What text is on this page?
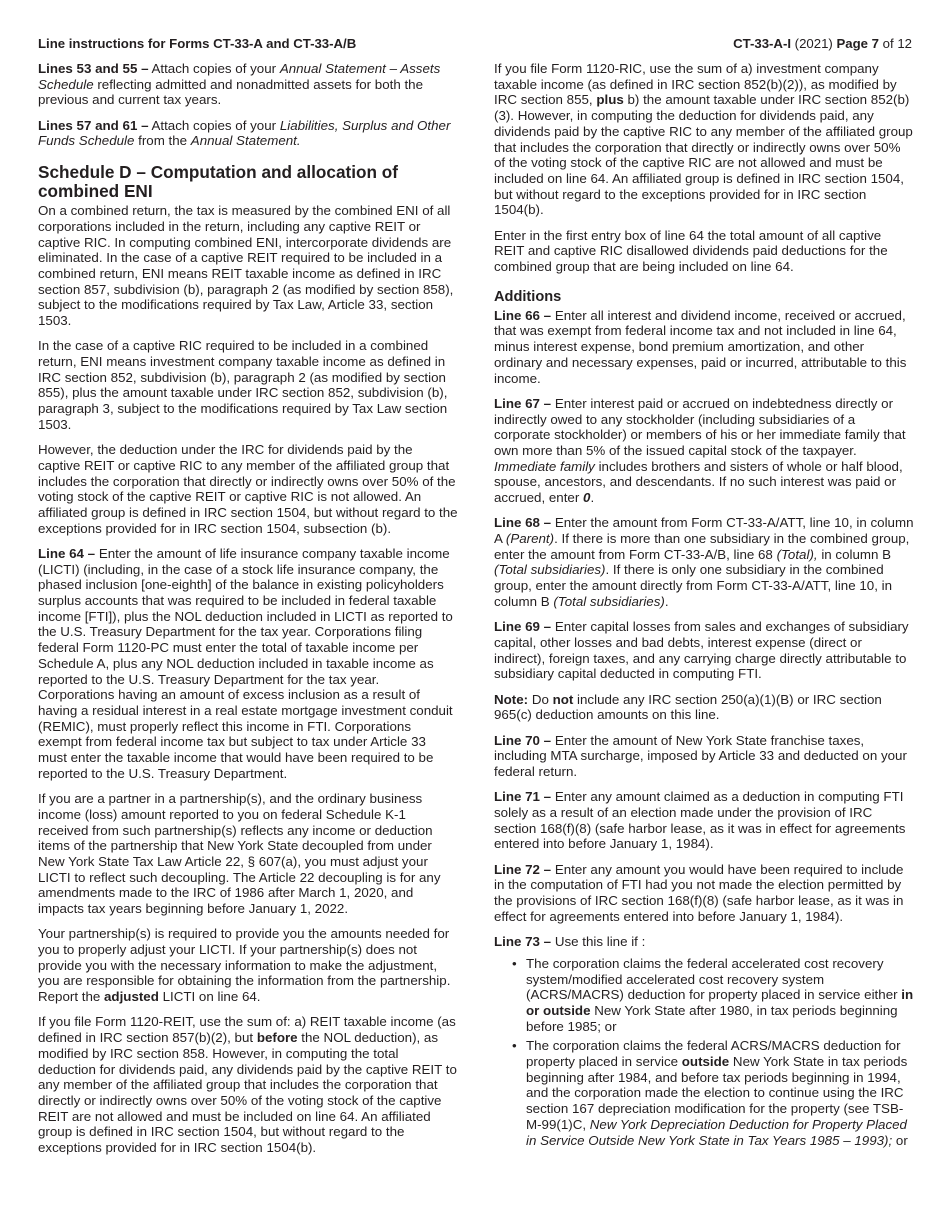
Line instructions for Forms CT-33-A and CT-33-A/B	CT-33-A-I (2021) Page 7 of 12

Lines 53 and 55 – Attach copies of your Annual Statement – Assets Schedule reflecting admitted and nonadmitted assets for both the previous and current tax years.

Lines 57 and 61 – Attach copies of your Liabilities, Surplus and Other Funds Schedule from the Annual Statement.

Schedule D – Computation and allocation of combined ENI

On a combined return, the tax is measured by the combined ENI of all corporations included in the return, including any captive REIT or captive RIC. In computing combined ENI, intercorporate dividends are eliminated. In the case of a captive REIT required to be included in a combined return, ENI means REIT taxable income as defined in IRC section 857, subdivision (b), paragraph 2 (as modified by section 858), subject to the modifications required by Tax Law, Article 33, section 1503.

In the case of a captive RIC required to be included in a combined return, ENI means investment company taxable income as defined in IRC section 852, subdivision (b), paragraph 2 (as modified by section 855), plus the amount taxable under IRC section 852, subdivision (b), paragraph 3, subject to the modifications required by Tax Law section 1503.

However, the deduction under the IRC for dividends paid by the captive REIT or captive RIC to any member of the affiliated group that includes the corporation that directly or indirectly owns over 50% of the voting stock of the captive REIT or captive RIC is not allowed. An affiliated group is defined in IRC section 1504, but without regard to the exceptions provided for in IRC section 1504, subsection (b).

Line 64 – Enter the amount of life insurance company taxable income (LICTI) (including, in the case of a stock life insurance company, the phased inclusion [one-eighth] of the balance in existing policyholders surplus accounts that was required to be included in federal taxable income [FTI]), plus the NOL deduction included in LICTI as reported to the U.S. Treasury Department for the tax year. Corporations filing federal Form 1120-PC must enter the total of taxable income per Schedule A, plus any NOL deduction included in taxable income as reported to the U.S. Treasury Department for the tax year. Corporations having an amount of excess inclusion as a result of having a residual interest in a real estate mortgage investment conduit (REMIC), must properly reflect this income in FTI. Corporations exempt from federal income tax but subject to tax under Article 33 must enter the taxable income that would have been required to be reported to the U.S. Treasury Department.

If you are a partner in a partnership(s), and the ordinary business income (loss) amount reported to you on federal Schedule K-1 received from such partnership(s) reflects any income or deduction items of the partnership that New York State decoupled from under New York State Tax Law Article 22, § 607(a), you must adjust your LICTI to reflect such decoupling. The Article 22 decoupling is for any amendments made to the IRC of 1986 after March 1, 2020, and impacts tax years beginning before January 1, 2022.

Your partnership(s) is required to provide you the amounts needed for you to properly adjust your LICTI. If your partnership(s) does not provide you with the necessary information to make the adjustment, you are responsible for obtaining the information from the partnership. Report the adjusted LICTI on line 64.

If you file Form 1120-REIT, use the sum of: a) REIT taxable income (as defined in IRC section 857(b)(2), but before the NOL deduction), as modified by IRC section 858. However, in computing the total deduction for dividends paid, any dividends paid by the captive REIT to any member of the affiliated group that includes the corporation that directly or indirectly owns over 50% of the voting stock of the captive REIT are not allowed and must be included on line 64. An affiliated group is defined in IRC section 1504, but without regard to the exceptions provided for in IRC section 1504(b).

If you file Form 1120-RIC, use the sum of a) investment company taxable income (as defined in IRC section 852(b)(2)), as modified by IRC section 855, plus b) the amount taxable under IRC section 852(b)(3). However, in computing the deduction for dividends paid, any dividends paid by the captive RIC to any member of the affiliated group that includes the corporation that directly or indirectly owns over 50% of the voting stock of the captive RIC are not allowed and must be included on line 64. An affiliated group is defined in IRC section 1504, but without regard to the exceptions provided for in IRC section 1504(b).

Enter in the first entry box of line 64 the total amount of all captive REIT and captive RIC disallowed dividends paid deductions for the combined group that are being included on line 64.

Additions

Line 66 – Enter all interest and dividend income, received or accrued, that was exempt from federal income tax and not included in line 64, minus interest expense, bond premium amortization, and other ordinary and necessary expenses, paid or incurred, attributable to this income.

Line 67 – Enter interest paid or accrued on indebtedness directly or indirectly owed to any stockholder (including subsidiaries of a corporate stockholder) or members of his or her immediate family that own more than 5% of the issued capital stock of the taxpayer. Immediate family includes brothers and sisters of whole or half blood, spouse, ancestors, and descendants. If no such interest was paid or accrued, enter 0.

Line 68 – Enter the amount from Form CT-33-A/ATT, line 10, in column A (Parent). If there is more than one subsidiary in the combined group, enter the amount from Form CT-33-A/B, line 68 (Total), in column B (Total subsidiaries). If there is only one subsidiary in the combined group, enter the amount directly from Form CT-33-A/ATT, line 10, in column B (Total subsidiaries).

Line 69 – Enter capital losses from sales and exchanges of subsidiary capital, other losses and bad debts, interest expense (direct or indirect), foreign taxes, and any carrying charge directly attributable to subsidiary capital deducted in computing FTI.

Note: Do not include any IRC section 250(a)(1)(B) or IRC section 965(c) deduction amounts on this line.

Line 70 – Enter the amount of New York State franchise taxes, including MTA surcharge, imposed by Article 33 and deducted on your federal return.

Line 71 – Enter any amount claimed as a deduction in computing FTI solely as a result of an election made under the provision of IRC section 168(f)(8) (safe harbor lease, as it was in effect for agreements entered into before January 1, 1984).

Line 72 – Enter any amount you would have been required to include in the computation of FTI had you not made the election permitted by the provisions of IRC section 168(f)(8) (safe harbor lease, as it was in effect for agreements entered into before January 1, 1984).

Line 73 – Use this line if :

• The corporation claims the federal accelerated cost recovery system/modified accelerated cost recovery system (ACRS/MACRS) deduction for property placed in service either in or outside New York State after 1980, in tax periods beginning before 1985; or
• The corporation claims the federal ACRS/MACRS deduction for property placed in service outside New York State in tax periods beginning after 1984, and before tax periods beginning in 1994, and the corporation made the election to continue using the IRC section 167 depreciation modification for the property (see TSB-M-99(1)C, New York Depreciation Deduction for Property Placed in Service Outside New York State in Tax Years 1985 – 1993); or
